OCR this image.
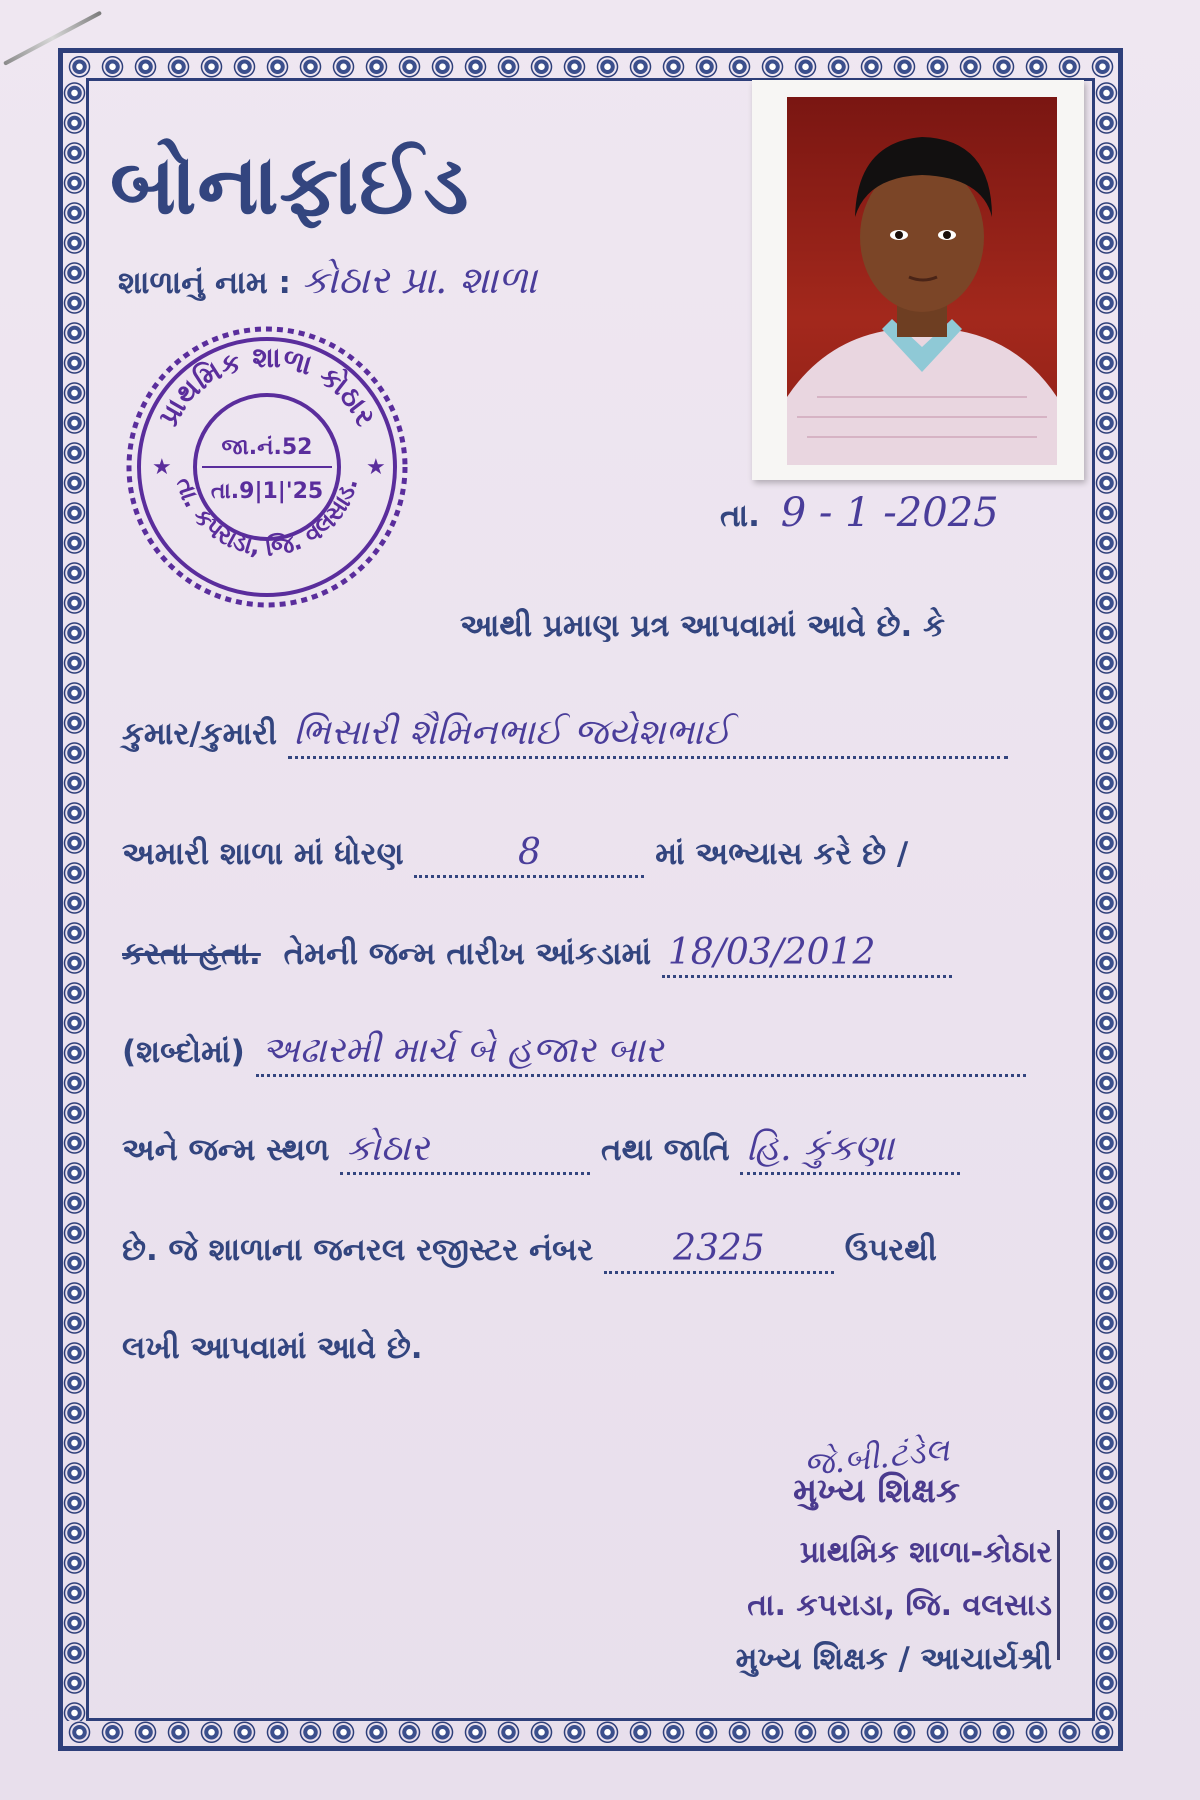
બોનાફાઈડ
શાળાનું નામ : કોઠાર પ્રા. શાળા
પ્રાથમિક શાળા કોઠાર
તા. કપરાડા, જિ. વલસાડ.
★	★
જા.નં.52
તા.9|1|'25
તા. 9 - 1 -2025
આથી પ્રમાણ પ્રત્ર આપવામાં આવે છે. કે
કુમાર/કુમારી ભિસારી શૈમિનભાઈ જયેશભાઈ
અમારી શાળા માં ધોરણ	8	માં અભ્યાસ કરે છે /
કરતા હતા. તેમની જન્મ તારીખ આંકડામાં 18/03/2012
(શબ્દોમાં) અઢારમી માર્ચ બે હજાર બાર
અને જન્મ સ્થળ કોઠાર	તથા જાતિ હિ. કુંકણા
છે. જે શાળાના જનરલ રજીસ્ટર નંબર 2325	ઉપરથી
લખી આપવામાં આવે છે.
જે.બી.ટંડેલ
મુખ્ય શિક્ષક
પ્રાથમિક શાળા-કોઠાર
તા. કપરાડા, જિ. વલસાડ
મુખ્ય શિક્ષક / આચાર્યશ્રી
